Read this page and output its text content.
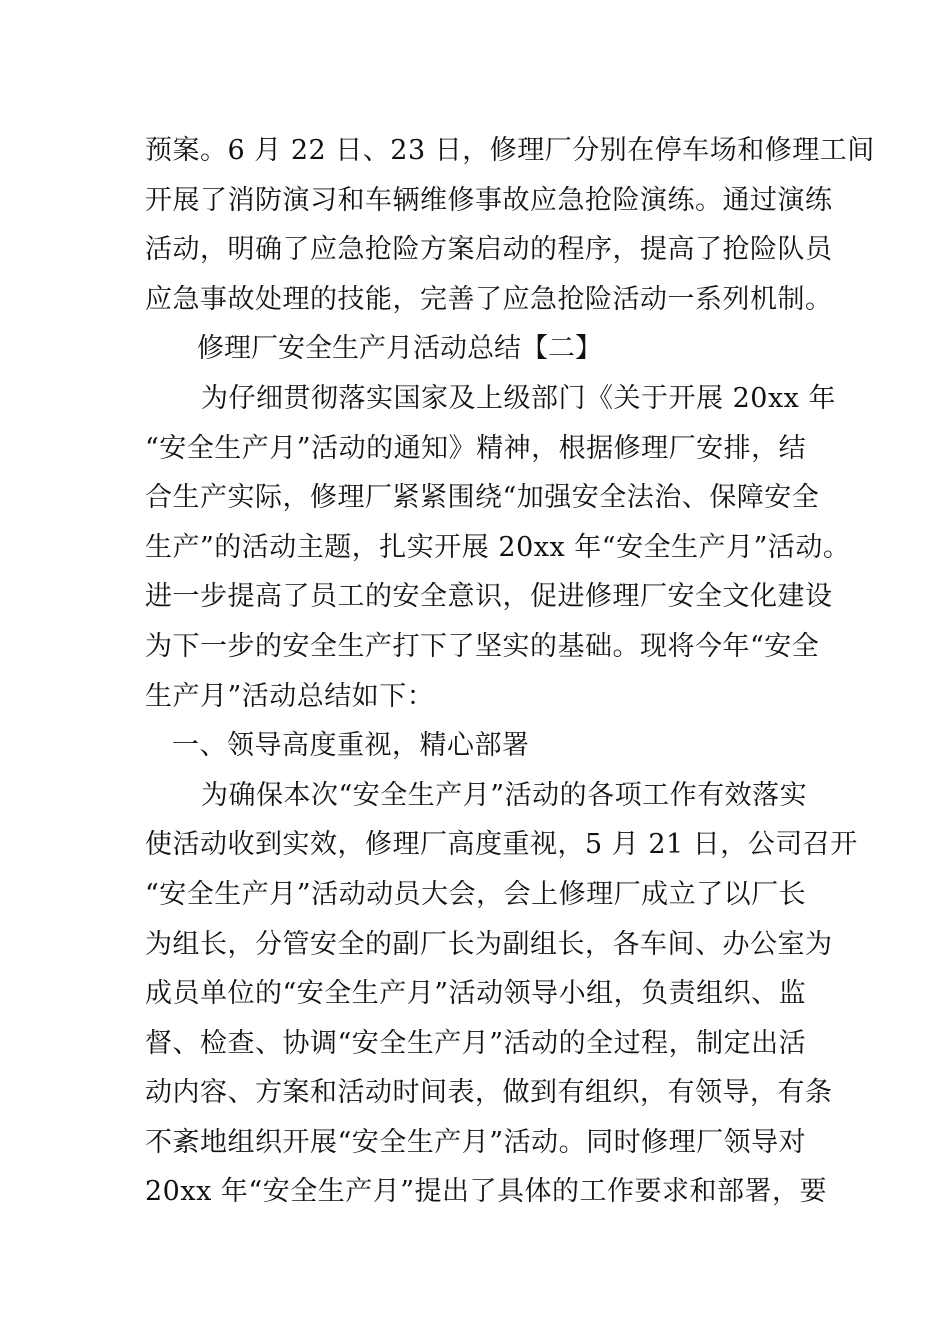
预案。6 月 22 日、23 日，修理厂分别在停车场和修理工间
开展了消防演习和车辆维修事故应急抢险演练。通过演练
活动，明确了应急抢险方案启动的程序，提高了抢险队员
应急事故处理的技能，完善了应急抢险活动一系列机制。
修理厂安全生产月活动总结【二】
为仔细贯彻落实国家及上级部门《关于开展 20xx 年
“安全生产月”活动的通知》精神，根据修理厂安排，结
合生产实际，修理厂紧紧围绕“加强安全法治、保障安全
生产”的活动主题，扎实开展 20xx 年“安全生产月”活动。
进一步提高了员工的安全意识，促进修理厂安全文化建设
为下一步的安全生产打下了坚实的基础。现将今年“安全
生产月”活动总结如下：
一、领导高度重视，精心部署
为确保本次“安全生产月”活动的各项工作有效落实
使活动收到实效，修理厂高度重视，5 月 21 日，公司召开
“安全生产月”活动动员大会，会上修理厂成立了以厂长
为组长，分管安全的副厂长为副组长，各车间、办公室为
成员单位的“安全生产月”活动领导小组，负责组织、监
督、检查、协调“安全生产月”活动的全过程，制定出活
动内容、方案和活动时间表，做到有组织，有领导，有条
不紊地组织开展“安全生产月”活动。同时修理厂领导对
20xx 年“安全生产月”提出了具体的工作要求和部署，要
